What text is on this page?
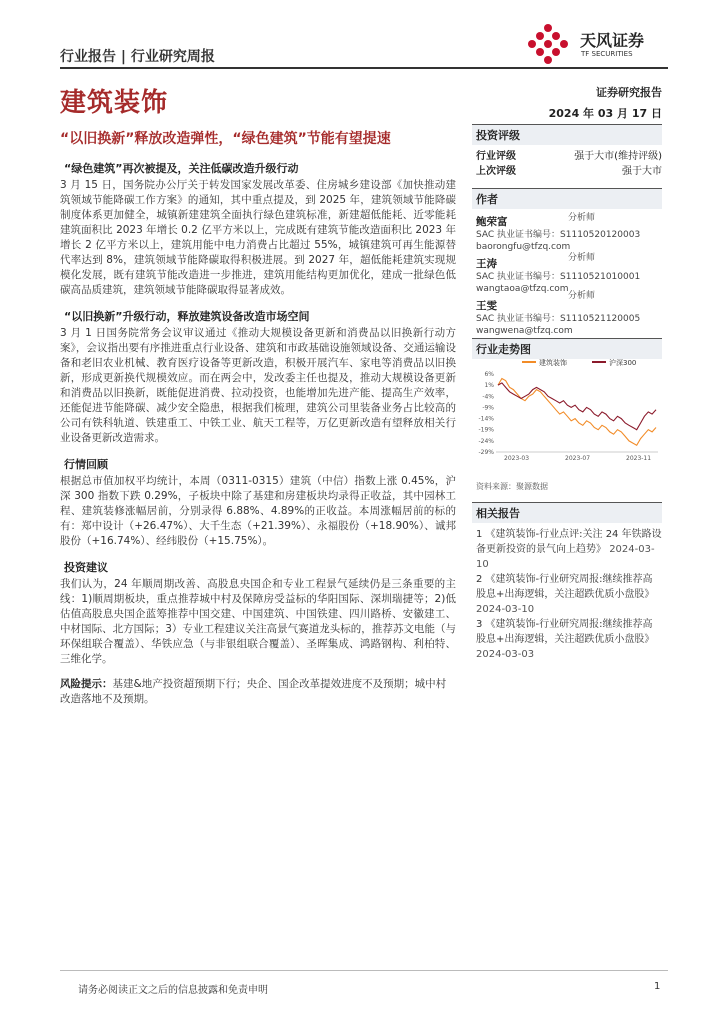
行业报告 | 行业研究周报
建筑装饰
天风证券
TF SECURITIES
证券研究报告
2024 年 03 月 17 日
“以旧换新”释放改造弹性，“绿色建筑”节能有望提速
“绿色建筑”再次被提及，关注低碳改造升级行动

3 月 15 日，国务院办公厅关于转发国家发展改革委、住房城乡建设部《加快推动建筑领域节能降碳工作方案》的通知，其中重点提及，到 2025 年，建筑领域节能降碳制度体系更加健全，城镇新建建筑全面执行绿色建筑标准，新建超低能耗、近零能耗建筑面积比 2023 年增长 0.2 亿平方米以上，完成既有建筑节能改造面积比 2023 年增长 2 亿平方米以上，建筑用能中电力消费占比超过 55%，城镇建筑可再生能源替代率达到 8%，建筑领域节能降碳取得积极进展。到 2027 年，超低能耗建筑实现规模化发展，既有建筑节能改造进一步推进，建筑用能结构更加优化，建成一批绿色低碳高品质建筑，建筑领域节能降碳取得显著成效。

“以旧换新”升级行动，释放建筑设备改造市场空间

3 月 1 日国务院常务会议审议通过《推动大规模设备更新和消费品以旧换新行动方案》，会议指出要有序推进重点行业设备、建筑和市政基础设施领域设备、交通运输设备和老旧农业机械、教育医疗设备等更新改造，积极开展汽车、家电等消费品以旧换新，形成更新换代规模效应。而在两会中，发改委主任也提及，推动大规模设备更新和消费品以旧换新，既能促进消费、拉动投资，也能增加先进产能、提高生产效率，还能促进节能降碳、减少安全隐患，根据我们梳理，建筑公司里装备业务占比较高的公司有铁科轨道、铁建重工、中铁工业、航天工程等，万亿更新改造有望释放相关行业设备更新改造需求。

行情回顾

根据总市值加权平均统计，本周（0311-0315）建筑（中信）指数上涨 0.45%，沪深 300 指数下跌 0.29%，子板块中除了基建和房建板块均录得正收益，其中园林工程、建筑装修涨幅居前，分别录得 6.88%、4.89%的正收益。本周涨幅居前的标的有：郑中设计（+26.47%）、大千生态（+21.39%）、永福股份（+18.90%）、诚邦股份（+16.74%）、经纬股份（+15.75%）。

投资建议

我们认为，24 年顺周期改善、高股息央国企和专业工程景气延续仍是三条重要的主线：1)顺周期板块，重点推荐城中村及保障房受益标的华阳国际、深圳瑞捷等；2)低估值高股息央国企蓝筹推荐中国交建、中国建筑、中国铁建、四川路桥、安徽建工、中材国际、北方国际；3）专业工程建议关注高景气赛道龙头标的，推荐苏文电能（与环保组联合覆盖）、华铁应急（与非银组联合覆盖）、圣晖集成、鸿路钢构、利柏特、三维化学。

风险提示：基建&地产投资超预期下行；央企、国企改革提效进度不及预期；城中村改造落地不及预期。

投资评级
行业评级	强于大市(维持评级)
上次评级	强于大市
作者
鲍荣富
SAC 执业证书编号：S1110520120003
baorongfu@tfzq.com
王涛
SAC 执业证书编号：S1110521010001
wangtaoa@tfzq.com
王雯
SAC 执业证书编号：S1110521120005
wangwena@tfzq.com
分析师
分析师
分析师
行业走势图
建筑装饰	沪深300
6%
1%
-4%
-9%
-14%
-19%
-24%
-29%
2023-03	2023-07	2023-11
资料来源：聚源数据
相关报告
1 《建筑装饰-行业点评:关注 24 年铁路设备更新投资的景气向上趋势》 2024-03-10
2 《建筑装饰-行业研究周报:继续推荐高股息+出海逻辑，关注超跌优质小盘股》 2024-03-10
3 《建筑装饰-行业研究周报:继续推荐高股息+出海逻辑，关注超跌优质小盘股》 2024-03-03
请务必阅读正文之后的信息披露和免责申明	1
